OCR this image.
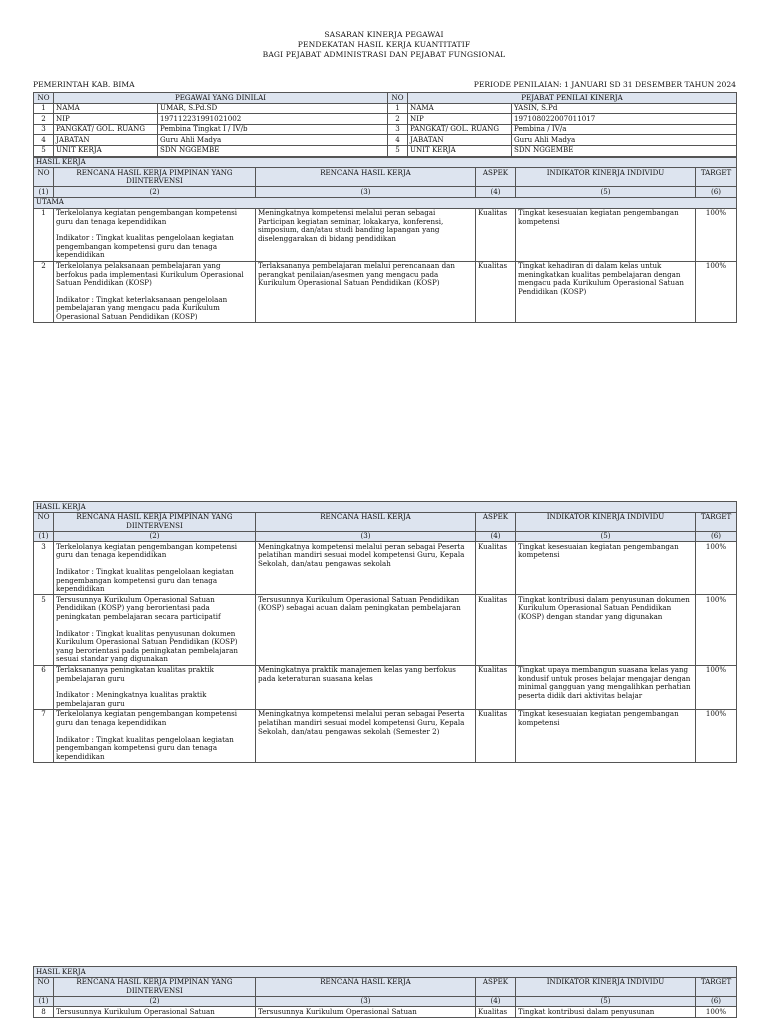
SASARAN KINERJA PEGAWAI
PENDEKATAN HASIL KERJA KUANTITATIF
BAGI PEJABAT ADMINISTRASI DAN PEJABAT FUNGSIONAL
PEMERINTAH KAB. BIMA	PERIODE PENILAIAN: 1 JANUARI SD 31 DESEMBER TAHUN 2024
NO	PEGAWAI YANG DINILAI		NO	PEJABAT PENILAI KINERJA	
1	NAMA	UMAR, S.Pd.SD	1	NAMA	YASIN, S.Pd
2	NIP	197112231991021002	2	NIP	197108022007011017
3	PANGKAT/ GOL. RUANG	Pembina Tingkat I / IV/b	3	PANGKAT/ GOL. RUANG	Pembina / IV/a
4	JABATAN	Guru Ahli Madya	4	JABATAN	Guru Ahli Madya
5	UNIT KERJA	SDN NGGEMBE	5	UNIT KERJA	SDN NGGEMBE
HASIL KERJA					
NO	RENCANA HASIL KERJA PIMPINAN YANG DIINTERVENSI	RENCANA HASIL KERJA	ASPEK	INDIKATOR KINERJA INDIVIDU	TARGET
(1)	(2)	(3)	(4)	(5)	(6)
UTAMA					
1	Terkelolanya kegiatan pengembangan kompetensi guru dan tenaga kependidikan
Indikator : Tingkat kualitas pengelolaan kegiatan pengembangan kompetensi guru dan tenaga kependidikan	Meningkatnya kompetensi melalui peran sebagai Participan kegiatan seminar, lokakarya, konferensi, simposium, dan/atau studi banding lapangan yang diselenggarakan di bidang pendidikan	Kualitas	Tingkat kesesuaian kegiatan pengembangan kompetensi	100%
2	Terkelolanya pelaksanaan pembelajaran yang berfokus pada implementasi Kurikulum Operasional Satuan Pendidikan (KOSP)
Indikator : Tingkat keterlaksanaan pengelolaan pembelajaran yang mengacu pada Kurikulum Operasional Satuan Pendidikan (KOSP)	Terlaksananya pembelajaran melalui perencanaan dan perangkat penilaian/asesmen yang mengacu pada Kurikulum Operasional Satuan Pendidikan (KOSP)	Kualitas	Tingkat kehadiran di dalam kelas untuk meningkatkan kualitas pembelajaran dengan mengacu pada Kurikulum Operasional Satuan Pendidikan (KOSP)	100%
HASIL KERJA					
NO	RENCANA HASIL KERJA PIMPINAN YANG DIINTERVENSI	RENCANA HASIL KERJA	ASPEK	INDIKATOR KINERJA INDIVIDU	TARGET
(1)	(2)	(3)	(4)	(5)	(6)
3	Terkelolanya kegiatan pengembangan kompetensi guru dan tenaga kependidikan
Indikator : Tingkat kualitas pengelolaan kegiatan pengembangan kompetensi guru dan tenaga kependidikan	Meningkatnya kompetensi melalui peran sebagai Peserta pelatihan mandiri sesuai model kompetensi Guru, Kepala Sekolah, dan/atau pengawas sekolah	Kualitas	Tingkat kesesuaian kegiatan pengembangan kompetensi	100%
5	Tersusunnya Kurikulum Operasional Satuan Pendidikan (KOSP) yang berorientasi pada peningkatan pembelajaran secara participatif
Indikator : Tingkat kualitas penyusunan dokumen Kurikulum Operasional Satuan Pendidikan (KOSP) yang berorientasi pada peningkatan pembelajaran sesuai standar yang digunakan	Tersusunnya Kurikulum Operasional Satuan Pendidikan (KOSP) sebagai acuan dalam peningkatan pembelajaran	Kualitas	Tingkat kontribusi dalam penyusunan dokumen Kurikulum Operasional Satuan Pendidikan (KOSP) dengan standar yang digunakan	100%
6	Terlaksananya peningkatan kualitas praktik pembelajaran guru
Indikator : Meningkatnya kualitas praktik pembelajaran guru	Meningkatnya praktik manajemen kelas yang berfokus pada keteraturan suasana kelas	Kualitas	Tingkat upaya membangun suasana kelas yang kondusif untuk proses belajar mengajar dengan minimal gangguan yang mengalihkan perhatian peserta didik dari aktivitas belajar	100%
7	Terkelolanya kegiatan pengembangan kompetensi guru dan tenaga kependidikan
Indikator : Tingkat kualitas pengelolaan kegiatan pengembangan kompetensi guru dan tenaga kependidikan	Meningkatnya kompetensi melalui peran sebagai Peserta pelatihan mandiri sesuai model kompetensi Guru, Kepala Sekolah, dan/atau pengawas sekolah (Semester 2)	Kualitas	Tingkat kesesuaian kegiatan pengembangan kompetensi	100%
HASIL KERJA					
NO	RENCANA HASIL KERJA PIMPINAN YANG DIINTERVENSI	RENCANA HASIL KERJA	ASPEK	INDIKATOR KINERJA INDIVIDU	TARGET
(1)	(2)	(3)	(4)	(5)	(6)
8	Tersusunnya Kurikulum Operasional Satuan	Tersusunnya Kurikulum Operasional Satuan	Kualitas	Tingkat kontribusi dalam penyusunan	100%
